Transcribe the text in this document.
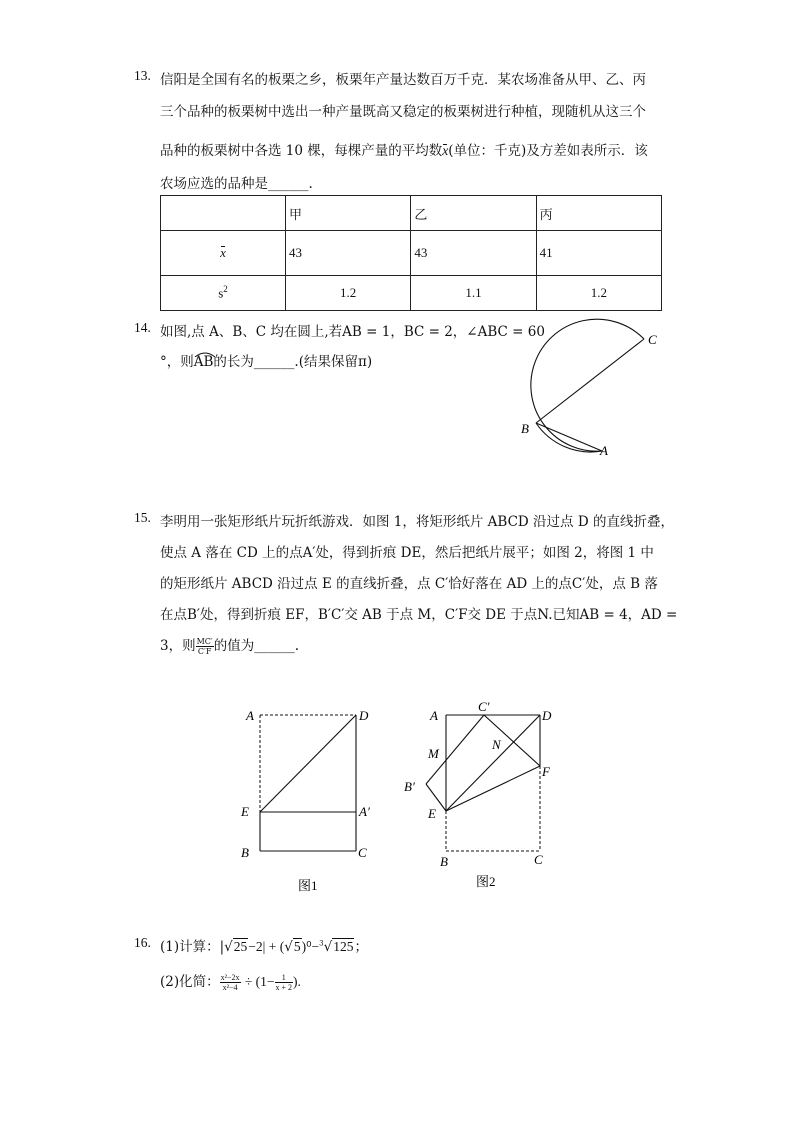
13. 信阳是全国有名的板栗之乡，板栗年产量达数百万千克．某农场准备从甲、乙、丙
三个品种的板栗树中选出一种产量既高又稳定的板栗树进行种植，现随机从这三个
品种的板栗树中各选 10 棵，每棵产量的平均数x(单位：千克)及方差如表所示．该
农场应选的品种是______.
	甲	乙	丙
x	43	43	41
$s^2$	1.2	1.1	1.2
14. 如图,点 A、B、C 均在圆上,若AB = 1，BC = 2，∠ABC = 60
°，则
AB的长为______.(结果保留π)
C
B
A
15. 李明用一张矩形纸片玩折纸游戏．如图 1，将矩形纸片 ABCD 沿过点 D 的直线折叠，
使点 A 落在 CD 上的点A′处，得到折痕 DE，然后把纸片展平；如图 2，将图 1 中
的矩形纸片 ABCD 沿过点 E 的直线折叠，点 C′恰好落在 AD 上的点C′处，点 B 落
在点B′处，得到折痕 EF，B′C′交 AB 于点 M，C′F交 DE 于点N.已知AB = 4，AD =
3，则 $\frac{MC'}{C'F}$ 的值为______.
A	D
E	A′
B	C
图1
A
C′
D
M
N
F
B′
E
B	C
图2
16. (1)计算：|√25−2| + (√5)⁰−$^3$√125；
(2)化简： $\frac{\text{x²−2x}}{\text{x²−4}} \div (1- \frac{1}{x + 2}$ ).
